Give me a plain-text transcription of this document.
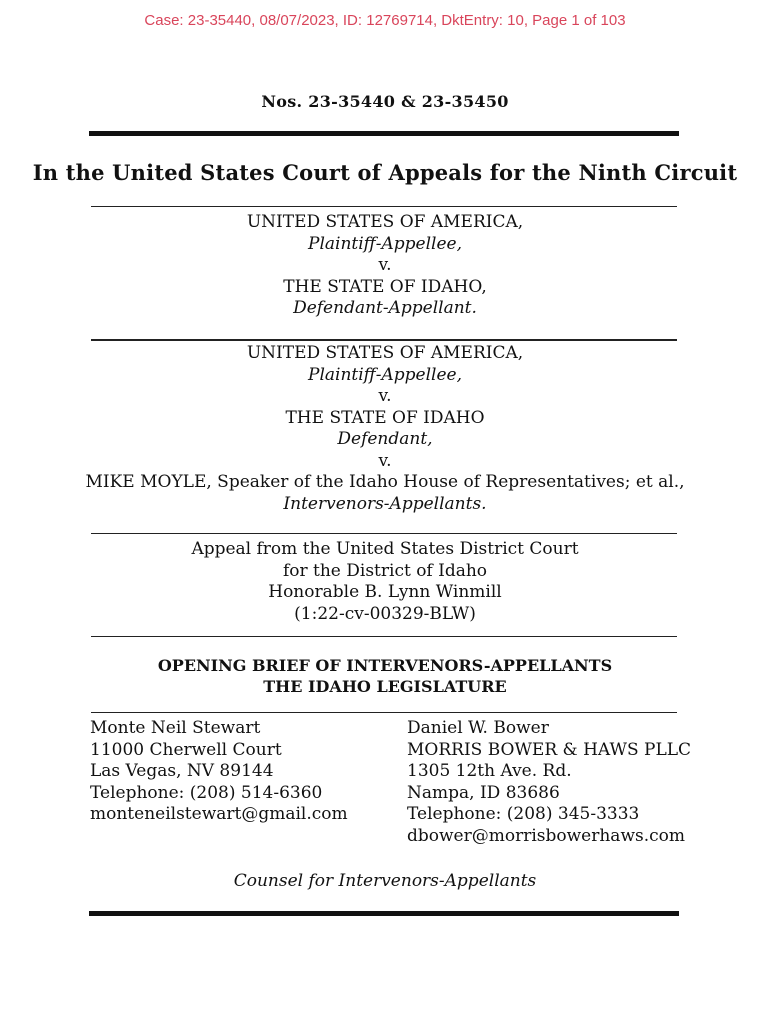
Case: 23-35440, 08/07/2023, ID: 12769714, DktEntry: 10, Page 1 of 103
Nos. 23-35440 & 23-35450
In the United States Court of Appeals for the Ninth Circuit
UNITED STATES OF AMERICA,
Plaintiff-Appellee,
v.
THE STATE OF IDAHO,
Defendant-Appellant.
UNITED STATES OF AMERICA,
Plaintiff-Appellee,
v.
THE STATE OF IDAHO
Defendant,
v.
MIKE MOYLE, Speaker of the Idaho House of Representatives; et al.,
Intervenors-Appellants.
Appeal from the United States District Court
for the District of Idaho
Honorable B. Lynn Winmill
(1:22-cv-00329-BLW)
OPENING BRIEF OF INTERVENORS-APPELLANTS
THE IDAHO LEGISLATURE
Monte Neil Stewart
11000 Cherwell Court
Las Vegas, NV 89144
Telephone: (208) 514-6360
monteneilstewart@gmail.com
Daniel W. Bower
MORRIS BOWER & HAWS PLLC
1305 12th Ave. Rd.
Nampa, ID 83686
Telephone: (208) 345-3333
dbower@morrisbowerhaws.com
Counsel for Intervenors-Appellants
